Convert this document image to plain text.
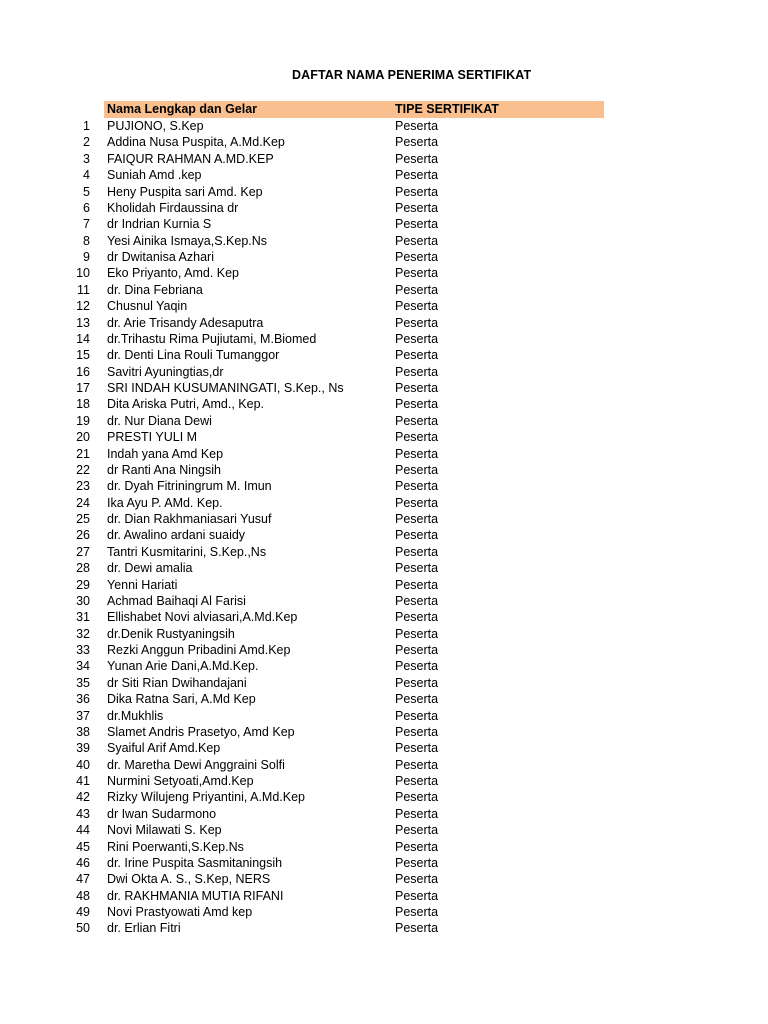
DAFTAR NAMA PENERIMA SERTIFIKAT
Nama Lengkap dan Gelar	TIPE SERTIFIKAT
1 PUJIONO, S.Kep	Peserta
2 Addina Nusa Puspita, A.Md.Kep	Peserta
3 FAIQUR RAHMAN A.MD.KEP	Peserta
4 Suniah Amd .kep	Peserta
5 Heny Puspita sari Amd. Kep	Peserta
6 Kholidah Firdaussina dr	Peserta
7 dr Indrian Kurnia S	Peserta
8 Yesi Ainika Ismaya,S.Kep.Ns	Peserta
9 dr Dwitanisa Azhari	Peserta
10 Eko Priyanto, Amd. Kep	Peserta
11 dr. Dina Febriana	Peserta
12 Chusnul Yaqin	Peserta
13 dr. Arie Trisandy Adesaputra	Peserta
14 dr.Trihastu Rima Pujiutami, M.Biomed	Peserta
15 dr. Denti Lina Rouli Tumanggor	Peserta
16 Savitri Ayuningtias,dr	Peserta
17 SRI INDAH KUSUMANINGATI, S.Kep., Ns	Peserta
18 Dita Ariska Putri, Amd., Kep.	Peserta
19 dr. Nur Diana Dewi	Peserta
20 PRESTI YULI M	Peserta
21 Indah yana Amd Kep	Peserta
22 dr Ranti Ana Ningsih	Peserta
23 dr. Dyah Fitriningrum M. Imun	Peserta
24 Ika Ayu P. AMd. Kep.	Peserta
25 dr. Dian Rakhmaniasari Yusuf	Peserta
26 dr. Awalino ardani suaidy	Peserta
27 Tantri Kusmitarini, S.Kep.,Ns	Peserta
28 dr. Dewi amalia	Peserta
29 Yenni Hariati	Peserta
30 Achmad Baihaqi Al Farisi	Peserta
31 Ellishabet Novi alviasari,A.Md.Kep	Peserta
32 dr.Denik Rustyaningsih	Peserta
33 Rezki Anggun Pribadini Amd.Kep	Peserta
34 Yunan Arie Dani,A.Md.Kep.	Peserta
35 dr Siti Rian Dwihandajani	Peserta
36 Dika Ratna Sari, A.Md Kep	Peserta
37 dr.Mukhlis	Peserta
38 Slamet Andris Prasetyo, Amd Kep	Peserta
39 Syaiful Arif Amd.Kep	Peserta
40 dr. Maretha Dewi Anggraini Solfi	Peserta
41 Nurmini Setyoati,Amd.Kep	Peserta
42 Rizky Wilujeng Priyantini, A.Md.Kep	Peserta
43 dr Iwan Sudarmono	Peserta
44 Novi Milawati S. Kep	Peserta
45 Rini Poerwanti,S.Kep.Ns	Peserta
46 dr. Irine Puspita Sasmitaningsih	Peserta
47 Dwi Okta A. S., S.Kep, NERS	Peserta
48 dr. RAKHMANIA MUTIA RIFANI	Peserta
49 Novi Prastyowati Amd kep	Peserta
50 dr. Erlian Fitri	Peserta
